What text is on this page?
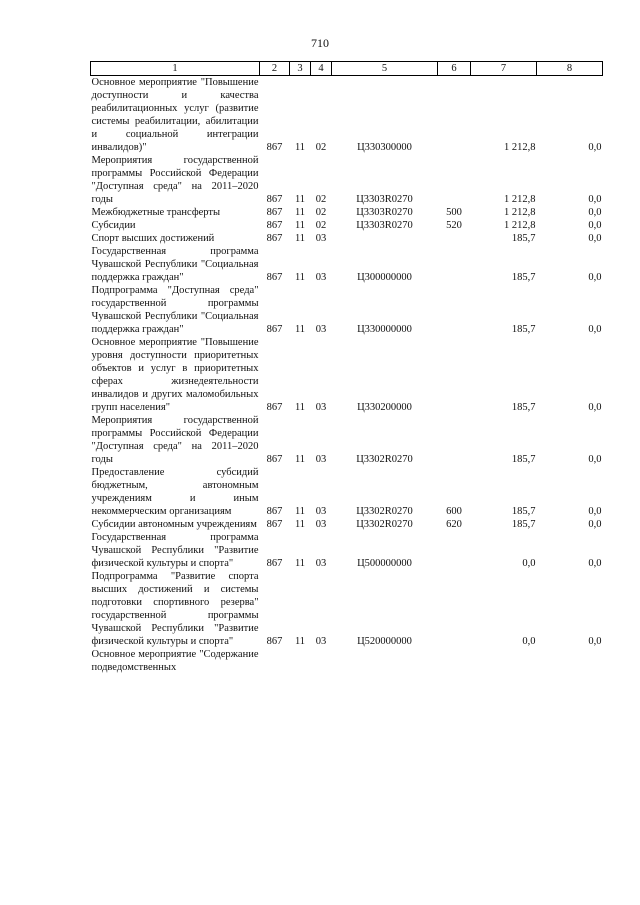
710
1	2	3	4	5	6	7	8
Основное мероприятие "Повышение доступности и качества реабилитационных услуг (развитие системы реабилитации, абилитации и социальной интеграции инвалидов)"	867	11	02	Ц330300000		1 212,8	0,0
Мероприятия государственной программы Российской Федерации "Доступная среда" на 2011–2020 годы	867	11	02	Ц3303R0270		1 212,8	0,0
Межбюджетные трансферты	867	11	02	Ц3303R0270	500	1 212,8	0,0
Субсидии	867	11	02	Ц3303R0270	520	1 212,8	0,0
Спорт высших достижений	867	11	03			185,7	0,0
Государственная программа Чувашской Республики "Социальная поддержка граждан"	867	11	03	Ц300000000		185,7	0,0
Подпрограмма "Доступная среда" государственной программы Чувашской Республики "Социальная поддержка граждан"	867	11	03	Ц330000000		185,7	0,0
Основное мероприятие "Повышение уровня доступности приоритетных объектов и услуг в приоритетных сферах жизнедеятельности инвалидов и других маломобильных групп населения"	867	11	03	Ц330200000		185,7	0,0
Мероприятия государственной программы Российской Федерации "Доступная среда" на 2011–2020 годы	867	11	03	Ц3302R0270		185,7	0,0
Предоставление субсидий бюджетным, автономным учреждениям и иным некоммерческим организациям	867	11	03	Ц3302R0270	600	185,7	0,0
Субсидии автономным учреждениям	867	11	03	Ц3302R0270	620	185,7	0,0
Государственная программа Чувашской Республики "Развитие физической культуры и спорта"	867	11	03	Ц500000000		0,0	0,0
Подпрограмма "Развитие спорта высших достижений и системы подготовки спортивного резерва" государственной программы Чувашской Республики "Развитие физической культуры и спорта"	867	11	03	Ц520000000		0,0	0,0
Основное мероприятие "Содержание подведомственных							
